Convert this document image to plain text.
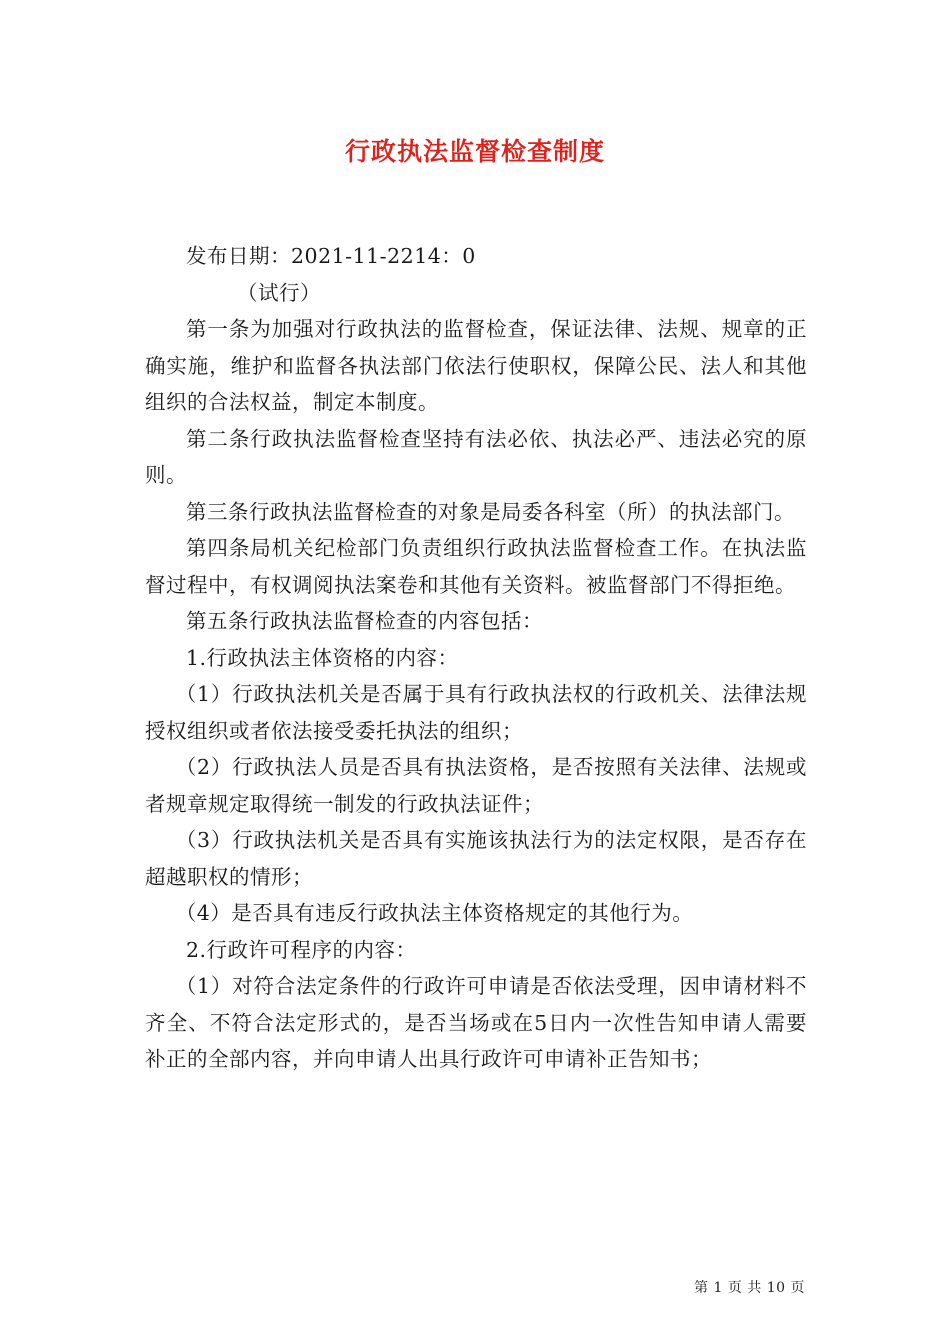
行政执法监督检查制度

发布日期：2021-11-2214：0

（试行）

第一条为加强对行政执法的监督检查，保证法律、法规、规章的正确实施，维护和监督各执法部门依法行使职权，保障公民、法人和其他组织的合法权益，制定本制度。

第二条行政执法监督检查坚持有法必依、执法必严、违法必究的原则。

第三条行政执法监督检查的对象是局委各科室（所）的执法部门。

第四条局机关纪检部门负责组织行政执法监督检查工作。在执法监督过程中，有权调阅执法案卷和其他有关资料。被监督部门不得拒绝。

第五条行政执法监督检查的内容包括：

1.行政执法主体资格的内容：

（1）行政执法机关是否属于具有行政执法权的行政机关、法律法规授权组织或者依法接受委托执法的组织；

（2）行政执法人员是否具有执法资格，是否按照有关法律、法规或者规章规定取得统一制发的行政执法证件；

（3）行政执法机关是否具有实施该执法行为的法定权限，是否存在超越职权的情形；

（4）是否具有违反行政执法主体资格规定的其他行为。

2.行政许可程序的内容：

（1）对符合法定条件的行政许可申请是否依法受理，因申请材料不齐全、不符合法定形式的，是否当场或在5日内一次性告知申请人需要补正的全部内容，并向申请人出具行政许可申请补正告知书；

第 1 页 共 10 页
